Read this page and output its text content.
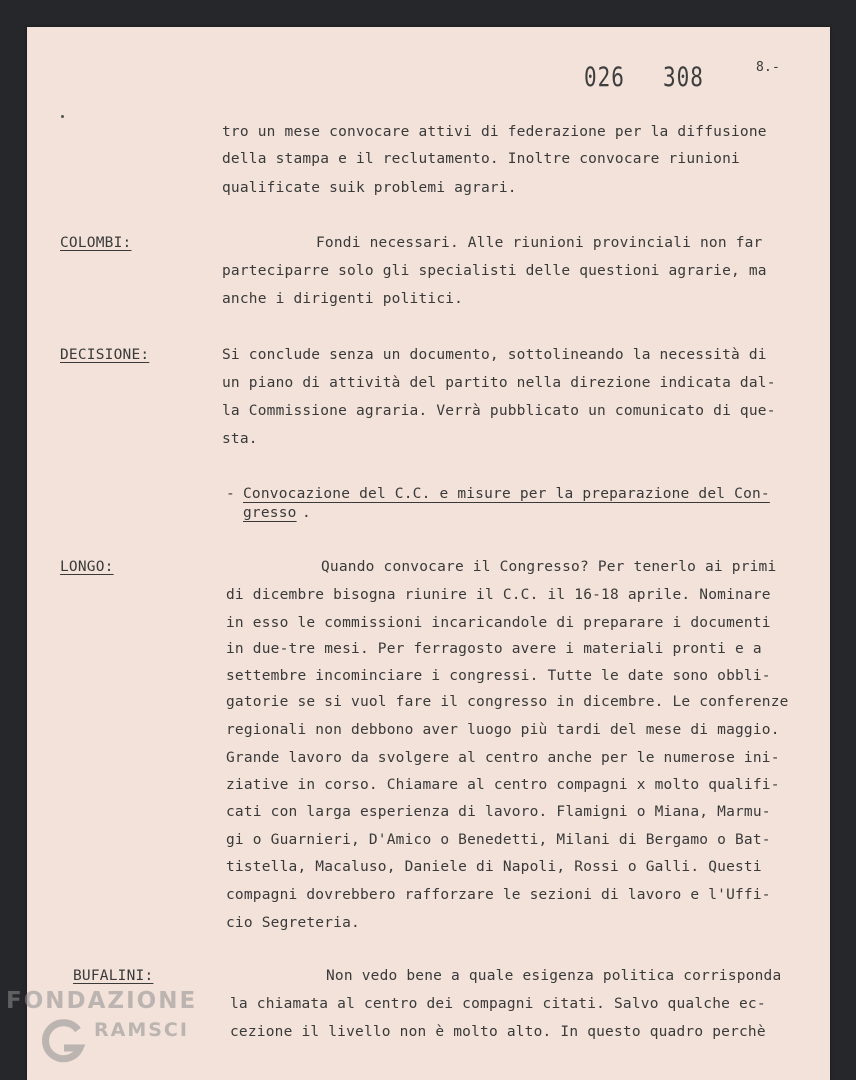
026 308	8.-
tro un mese convocare attivi di federazione per la diffusione
della stampa e il reclutamento. Inoltre convocare riunioni
qualificate suik problemi agrari.
COLOMBI:	Fondi necessari. Alle riunioni provinciali non far
parteciparre solo gli specialisti delle questioni agrarie, ma
anche i dirigenti politici.
DECISIONE:	Si conclude senza un documento, sottolineando la necessità di
un piano di attività del partito nella direzione indicata dal-
la Commissione agraria. Verrà pubblicato un comunicato di que-
sta.
- Convocazione del C.C. e misure per la preparazione del Con-
gresso .
LONGO:	Quando convocare il Congresso? Per tenerlo ai primi
di dicembre bisogna riunire il C.C. il 16-18 aprile. Nominare
in esso le commissioni incaricandole di preparare i documenti
in due-tre mesi. Per ferragosto avere i materiali pronti e a
settembre incominciare i congressi. Tutte le date sono obbli-
gatorie se si vuol fare il congresso in dicembre. Le conferenze
regionali non debbono aver luogo più tardi del mese di maggio.
Grande lavoro da svolgere al centro anche per le numerose ini-
ziative in corso. Chiamare al centro compagni x molto qualifi-
cati con larga esperienza di lavoro. Flamigni o Miana, Marmu-
gi o Guarnieri, D'Amico o Benedetti, Milani di Bergamo o Bat-
tistella, Macaluso, Daniele di Napoli, Rossi o Galli. Questi
compagni dovrebbero rafforzare le sezioni di lavoro e l'Uffi-
cio Segreteria.
BUFALINI:	Non vedo bene a quale esigenza politica corrisponda
la chiamata al centro dei compagni citati. Salvo qualche ec-
cezione il livello non è molto alto. In questo quadro perchè
FONDAZIONE
RAMSCI
